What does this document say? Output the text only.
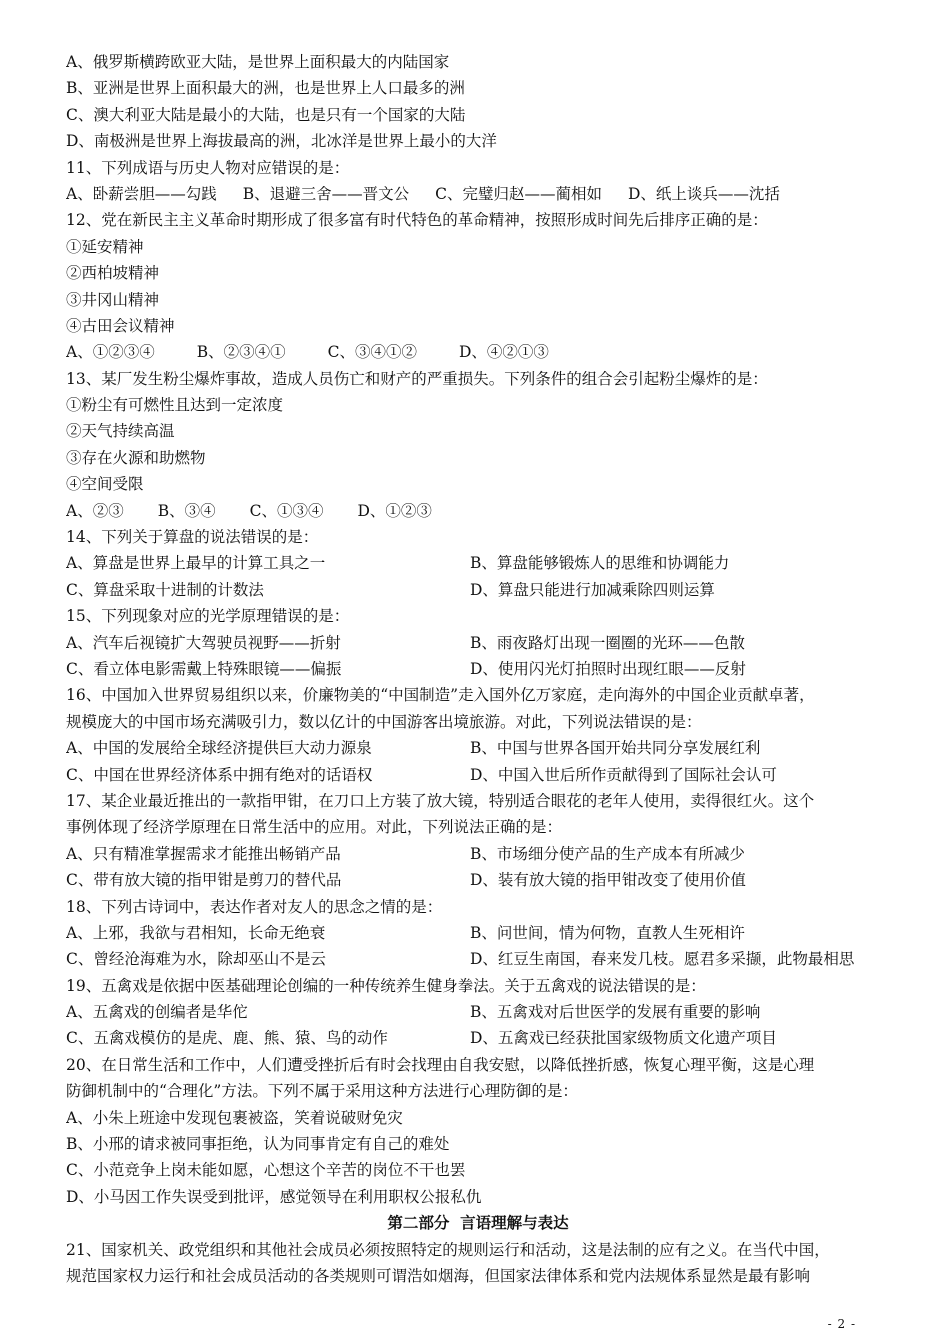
A、俄罗斯横跨欧亚大陆，是世界上面积最大的内陆国家
B、亚洲是世界上面积最大的洲，也是世界上人口最多的洲
C、澳大利亚大陆是最小的大陆，也是只有一个国家的大陆
D、南极洲是世界上海拔最高的洲，北冰洋是世界上最小的大洋
11、下列成语与历史人物对应错误的是：
A、卧薪尝胆——勾践 B、退避三舍——晋文公 C、完璧归赵——蔺相如 D、纸上谈兵——沈括
12、党在新民主主义革命时期形成了很多富有时代特色的革命精神，按照形成时间先后排序正确的是：
①延安精神
②西柏坡精神
③井冈山精神
④古田会议精神
A、①②③④	B、②③④①	C、③④①②	D、④②①③
13、某厂发生粉尘爆炸事故，造成人员伤亡和财产的严重损失。下列条件的组合会引起粉尘爆炸的是：
①粉尘有可燃性且达到一定浓度
②天气持续高温
③存在火源和助燃物
④空间受限
A、②③ B、③④ C、①③④ D、①②③
14、下列关于算盘的说法错误的是：
A、算盘是世界上最早的计算工具之一	B、算盘能够锻炼人的思维和协调能力
C、算盘采取十进制的计数法	D、算盘只能进行加减乘除四则运算
15、下列现象对应的光学原理错误的是：
A、汽车后视镜扩大驾驶员视野——折射	B、雨夜路灯出现一圈圈的光环——色散
C、看立体电影需戴上特殊眼镜——偏振	D、使用闪光灯拍照时出现红眼——反射
16、中国加入世界贸易组织以来，价廉物美的“中国制造”走入国外亿万家庭，走向海外的中国企业贡献卓著，
规模庞大的中国市场充满吸引力，数以亿计的中国游客出境旅游。对此，下列说法错误的是：
A、中国的发展给全球经济提供巨大动力源泉	B、中国与世界各国开始共同分享发展红利
C、中国在世界经济体系中拥有绝对的话语权	D、中国入世后所作贡献得到了国际社会认可
17、某企业最近推出的一款指甲钳，在刀口上方装了放大镜，特别适合眼花的老年人使用，卖得很红火。这个
事例体现了经济学原理在日常生活中的应用。对此，下列说法正确的是：
A、只有精准掌握需求才能推出畅销产品	B、市场细分使产品的生产成本有所减少
C、带有放大镜的指甲钳是剪刀的替代品	D、装有放大镜的指甲钳改变了使用价值
18、下列古诗词中，表达作者对友人的思念之情的是：
A、上邪，我欲与君相知，长命无绝衰	B、问世间，情为何物，直教人生死相许
C、曾经沧海难为水，除却巫山不是云	D、红豆生南国，春来发几枝。愿君多采撷，此物最相思
19、五禽戏是依据中医基础理论创编的一种传统养生健身拳法。关于五禽戏的说法错误的是：
A、五禽戏的创编者是华佗	B、五禽戏对后世医学的发展有重要的影响
C、五禽戏模仿的是虎、鹿、熊、猿、鸟的动作	D、五禽戏已经获批国家级物质文化遗产项目
20、在日常生活和工作中，人们遭受挫折后有时会找理由自我安慰，以降低挫折感，恢复心理平衡，这是心理
防御机制中的“合理化”方法。下列不属于采用这种方法进行心理防御的是：
A、小朱上班途中发现包裹被盗，笑着说破财免灾
B、小邢的请求被同事拒绝，认为同事肯定有自己的难处
C、小范竞争上岗未能如愿，心想这个辛苦的岗位不干也罢
D、小马因工作失误受到批评，感觉领导在利用职权公报私仇
第二部分  言语理解与表达
21、国家机关、政党组织和其他社会成员必须按照特定的规则运行和活动，这是法制的应有之义。在当代中国，
规范国家权力运行和社会成员活动的各类规则可谓浩如烟海，但国家法律体系和党内法规体系显然是最有影响
- 2 -
